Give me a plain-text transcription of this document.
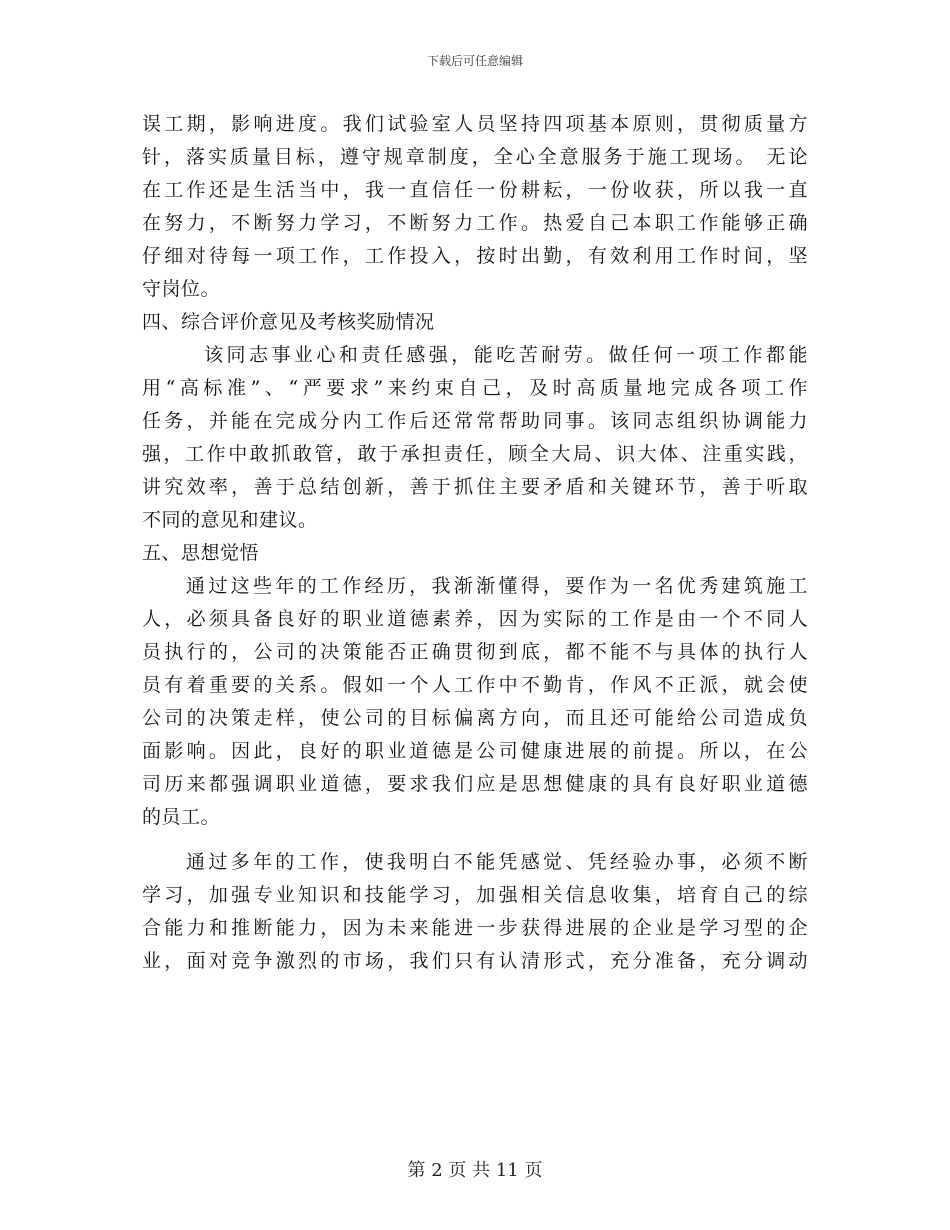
下载后可任意编辑
误工期，影响进度。我们试验室人员坚持四项基本原则，贯彻质量方
针，落实质量目标，遵守规章制度，全心全意服务于施工现场。 无论
在工作还是生活当中，我一直信任一份耕耘，一份收获，所以我一直
在努力，不断努力学习，不断努力工作。热爱自己本职工作能够正确
仔细对待每一项工作，工作投入，按时出勤，有效利用工作时间，坚
守岗位。
四、综合评价意见及考核奖励情况
该同志事业心和责任感强，能吃苦耐劳。做任何一项工作都能
用“高标准”、“严要求”来约束自己，及时高质量地完成各项工作
任务，并能在完成分内工作后还常常帮助同事。该同志组织协调能力
强，工作中敢抓敢管，敢于承担责任，顾全大局、识大体、注重实践，
讲究效率，善于总结创新，善于抓住主要矛盾和关键环节，善于听取
不同的意见和建议。
五、思想觉悟
通过这些年的工作经历，我渐渐懂得，要作为一名优秀建筑施工
人，必须具备良好的职业道德素养，因为实际的工作是由一个不同人
员执行的，公司的决策能否正确贯彻到底，都不能不与具体的执行人
员有着重要的关系。假如一个人工作中不勤肯，作风不正派，就会使
公司的决策走样，使公司的目标偏离方向，而且还可能给公司造成负
面影响。因此，良好的职业道德是公司健康进展的前提。所以，在公
司历来都强调职业道德，要求我们应是思想健康的具有良好职业道德
的员工。
通过多年的工作，使我明白不能凭感觉、凭经验办事，必须不断
学习，加强专业知识和技能学习，加强相关信息收集，培育自己的综
合能力和推断能力，因为未来能进一步获得进展的企业是学习型的企
业，面对竞争激烈的市场，我们只有认清形式，充分准备，充分调动
第 2 页 共 11 页
